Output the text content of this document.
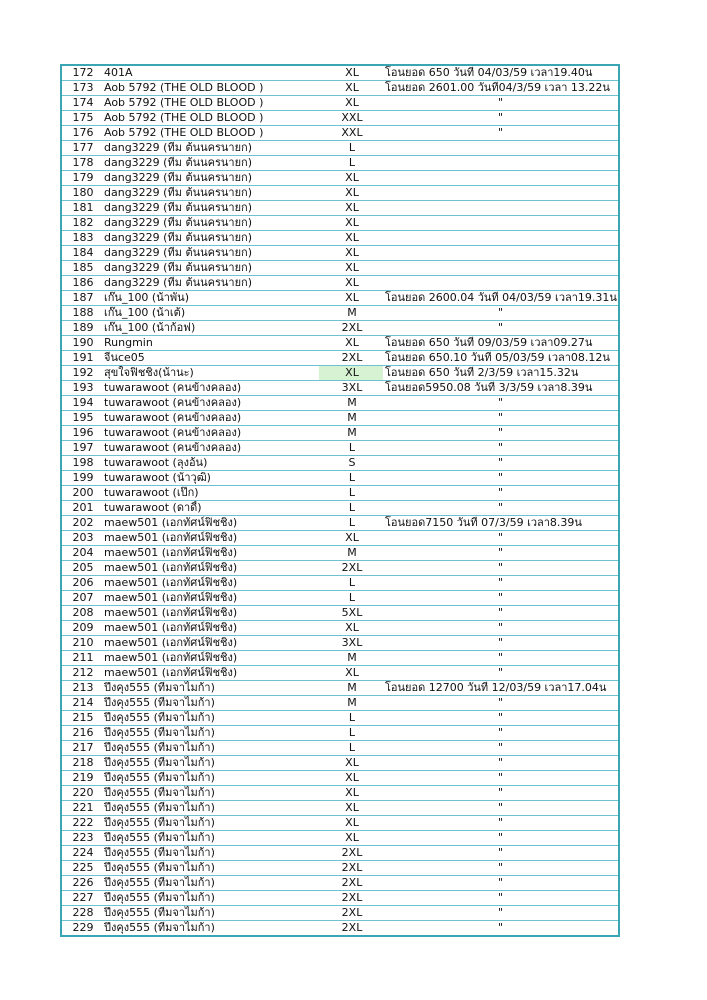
172	401A	XL	โอนยอด 650 วันที่ 04/03/59 เวลา19.40น
173	Aob 5792 (THE OLD BLOOD )	XL	โอนยอด 2601.00 วันที่04/3/59 เวลา 13.22น
174	Aob 5792 (THE OLD BLOOD )	XL	"
175	Aob 5792 (THE OLD BLOOD )	XXL	"
176	Aob 5792 (THE OLD BLOOD )	XXL	"
177	dang3229 (ทีม ต้นนครนายก)	L	
178	dang3229 (ทีม ต้นนครนายก)	L	
179	dang3229 (ทีม ต้นนครนายก)	XL	
180	dang3229 (ทีม ต้นนครนายก)	XL	
181	dang3229 (ทีม ต้นนครนายก)	XL	
182	dang3229 (ทีม ต้นนครนายก)	XL	
183	dang3229 (ทีม ต้นนครนายก)	XL	
184	dang3229 (ทีม ต้นนครนายก)	XL	
185	dang3229 (ทีม ต้นนครนายก)	XL	
186	dang3229 (ทีม ต้นนครนายก)	XL	
187	เก๊น_100 (น้าพัน)	XL	โอนยอด 2600.04 วันที่ 04/03/59 เวลา19.31น
188	เก๊น_100 (น้าเต้)	M	"
189	เก๊น_100 (น้าก้อฟ)	2XL	"
190	Rungmin	XL	โอนยอด 650 วันที่ 09/03/59 เวลา09.27น
191	จีนce05	2XL	โอนยอด 650.10 วันที่ 05/03/59 เวลา08.12น
192	สุขใจฟิชชิ่ง(น้านะ)	XL	โอนยอด 650 วันที่ 2/3/59 เวลา15.32น
193	tuwarawoot (คนข้างคลอง)	3XL	โอนยอด5950.08 วันที่ 3/3/59 เวลา8.39น
194	tuwarawoot (คนข้างคลอง)	M	"
195	tuwarawoot (คนข้างคลอง)	M	"
196	tuwarawoot (คนข้างคลอง)	M	"
197	tuwarawoot (คนข้างคลอง)	L	"
198	tuwarawoot (ลุงอ้น)	S	"
199	tuwarawoot (น้าวุฒิ)	L	"
200	tuwarawoot (เป๊ก)	L	"
201	tuwarawoot (ดาดี้)	L	"
202	maew501 (เอกทัศน์ฟิชชิ่ง)	L	โอนยอด7150 วันที่ 07/3/59 เวลา8.39น
203	maew501 (เอกทัศน์ฟิชชิ่ง)	XL	"
204	maew501 (เอกทัศน์ฟิชชิ่ง)	M	"
205	maew501 (เอกทัศน์ฟิชชิ่ง)	2XL	"
206	maew501 (เอกทัศน์ฟิชชิ่ง)	L	"
207	maew501 (เอกทัศน์ฟิชชิ่ง)	L	"
208	maew501 (เอกทัศน์ฟิชชิ่ง)	5XL	"
209	maew501 (เอกทัศน์ฟิชชิ่ง)	XL	"
210	maew501 (เอกทัศน์ฟิชชิ่ง)	3XL	"
211	maew501 (เอกทัศน์ฟิชชิ่ง)	M	"
212	maew501 (เอกทัศน์ฟิชชิ่ง)	XL	"
213	ปึงคุง555 (ทีมจาไมก้า)	M	โอนยอด 12700 วันที่ 12/03/59 เวลา17.04น
214	ปึงคุง555 (ทีมจาไมก้า)	M	"
215	ปึงคุง555 (ทีมจาไมก้า)	L	"
216	ปึงคุง555 (ทีมจาไมก้า)	L	"
217	ปึงคุง555 (ทีมจาไมก้า)	L	"
218	ปึงคุง555 (ทีมจาไมก้า)	XL	"
219	ปึงคุง555 (ทีมจาไมก้า)	XL	"
220	ปึงคุง555 (ทีมจาไมก้า)	XL	"
221	ปึงคุง555 (ทีมจาไมก้า)	XL	"
222	ปึงคุง555 (ทีมจาไมก้า)	XL	"
223	ปึงคุง555 (ทีมจาไมก้า)	XL	"
224	ปึงคุง555 (ทีมจาไมก้า)	2XL	"
225	ปึงคุง555 (ทีมจาไมก้า)	2XL	"
226	ปึงคุง555 (ทีมจาไมก้า)	2XL	"
227	ปึงคุง555 (ทีมจาไมก้า)	2XL	"
228	ปึงคุง555 (ทีมจาไมก้า)	2XL	"
229	ปึงคุง555 (ทีมจาไมก้า)	2XL	"
